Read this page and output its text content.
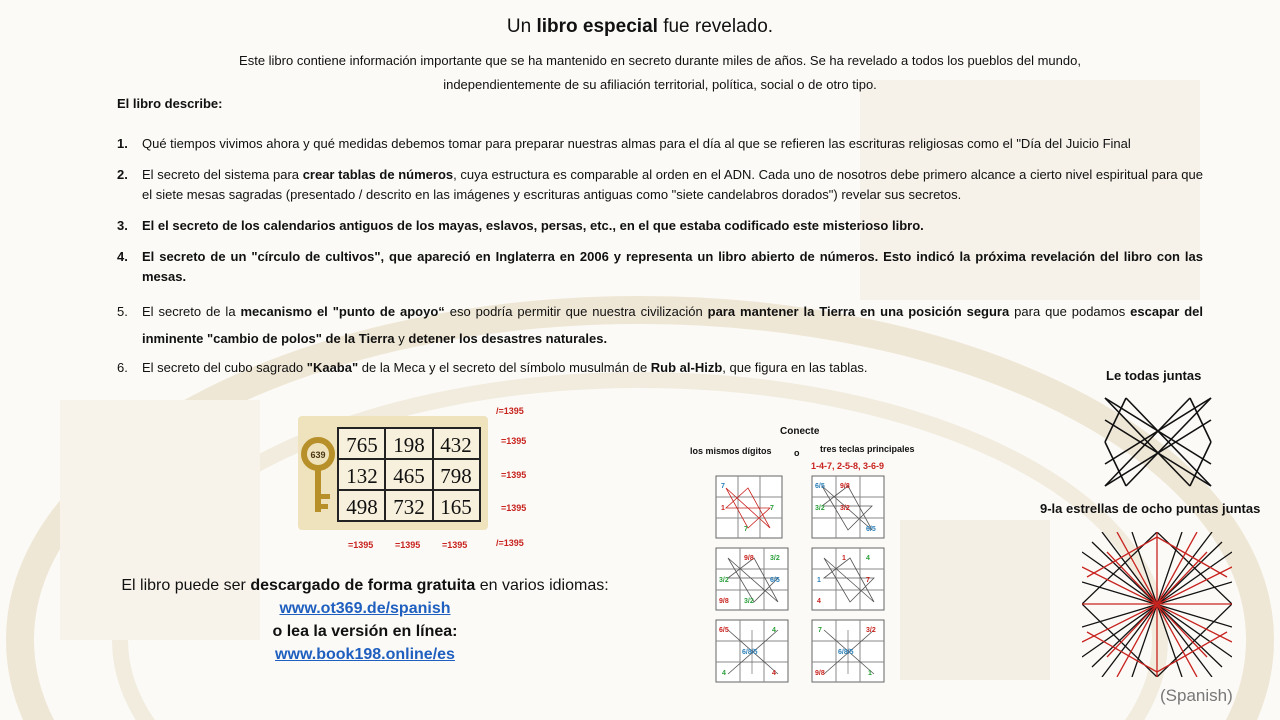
Un libro especial fue revelado.
Este libro contiene información importante que se ha mantenido en secreto durante miles de años. Se ha revelado a todos los pueblos del mundo,
independientemente de su afiliación territorial, política, social o de otro tipo.
El libro describe:
1. Qué tiempos vivimos ahora y qué medidas debemos tomar para preparar nuestras almas para el día al que se refieren las escrituras religiosas como el "Día del Juicio Final
2. El secreto del sistema para crear tablas de números, cuya estructura es comparable al orden en el ADN. Cada uno de nosotros debe primero alcance a cierto nivel espiritual para que el siete mesas sagradas (presentado / descrito en las imágenes y escrituras antiguas como "siete candelabros dorados") revelar sus secretos.
3. El el secreto de los calendarios antiguos de los mayas, eslavos, persas, etc., en el que estaba codificado este misterioso libro.
4. El secreto de un "círculo de cultivos", que apareció en Inglaterra en 2006 y representa un libro abierto de números. Esto indicó la próxima revelación del libro con las mesas.
5. El secreto de la mecanismo el "punto de apoyo“ eso podría permitir que nuestra civilización para mantener la Tierra en una posición segura para que podamos escapar del inminente "cambio de polos" de la Tierra y detener los desastres naturales.
6. El secreto del cubo sagrado "Kaaba" de la Meca y el secreto del símbolo musulmán de Rub al-Hizb, que figura en las tablas.
639 765 198 432
132 465 798
498 732 165
/=1395
=1395
=1395
=1395
/=1395
=1395 =1395 =1395
Conecte
los mismos dígitos o tres teclas principales
1-4-7, 2-5-8, 3-6-9
7
1	7
7
6/5 9/8
3/2 3/2
6/5
9/8 3/2
3/2	6/5
9/8 3/2
1	4
1	7
4
6/5	4
6/8/5
4	4
7	3/2
6/8/5
9/8	1
Le todas juntas
9-la estrellas de ocho puntas juntas
El libro puede ser descargado de forma gratuita en varios idiomas:
www.ot369.de/spanish
o lea la versión en línea:
www.book198.online/es
(Spanish)
